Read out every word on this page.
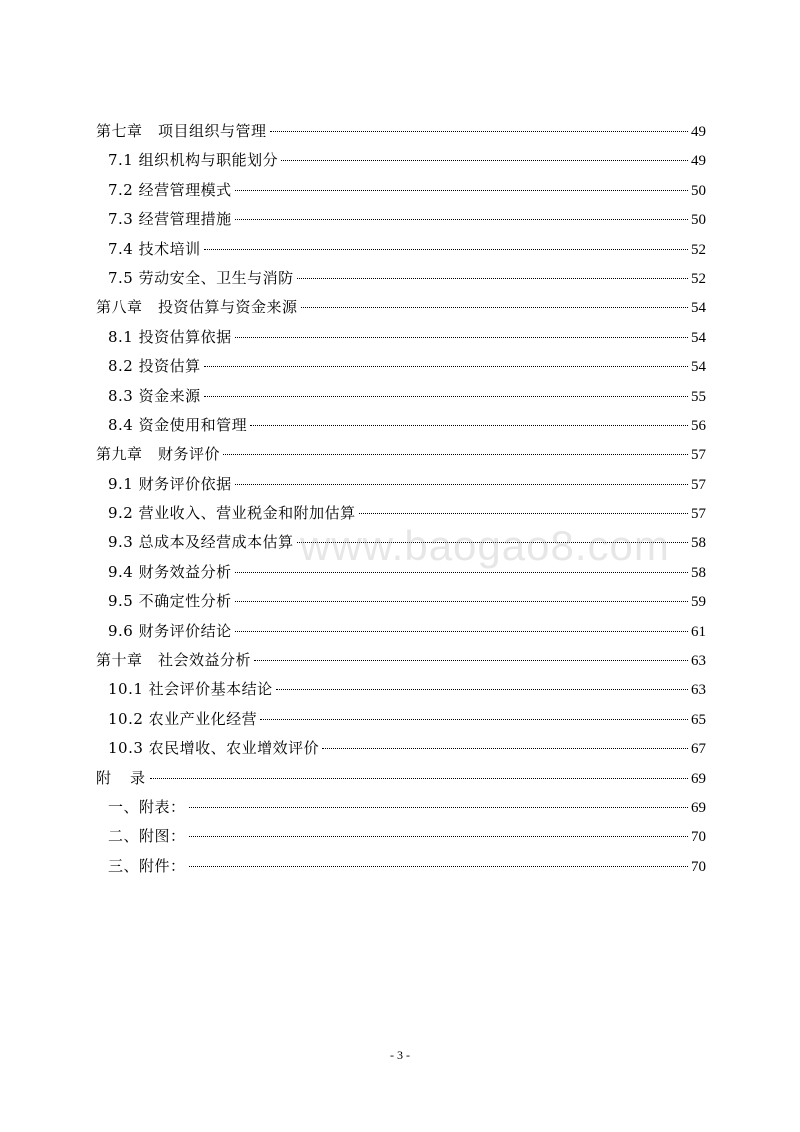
第七章　项目组织与管理	49
7.1 组织机构与职能划分	49
7.2 经营管理模式	50
7.3 经营管理措施	50
7.4 技术培训	52
7.5 劳动安全、卫生与消防	52
第八章　投资估算与资金来源	54
8.1 投资估算依据	54
8.2 投资估算	54
8.3 资金来源	55
8.4 资金使用和管理	56
第九章　财务评价	57
9.1 财务评价依据	57
9.2 营业收入、营业税金和附加估算	57
9.3 总成本及经营成本估算	58
9.4 财务效益分析	58
9.5 不确定性分析	59
9.6 财务评价结论	61
第十章　社会效益分析	63
10.1 社会评价基本结论	63
10.2 农业产业化经营	65
10.3 农民增收、农业增效评价	67
附　录	69
一、附表：	69
二、附图：	70
三、附件：	70
www.baogao8.com
- 3 -
